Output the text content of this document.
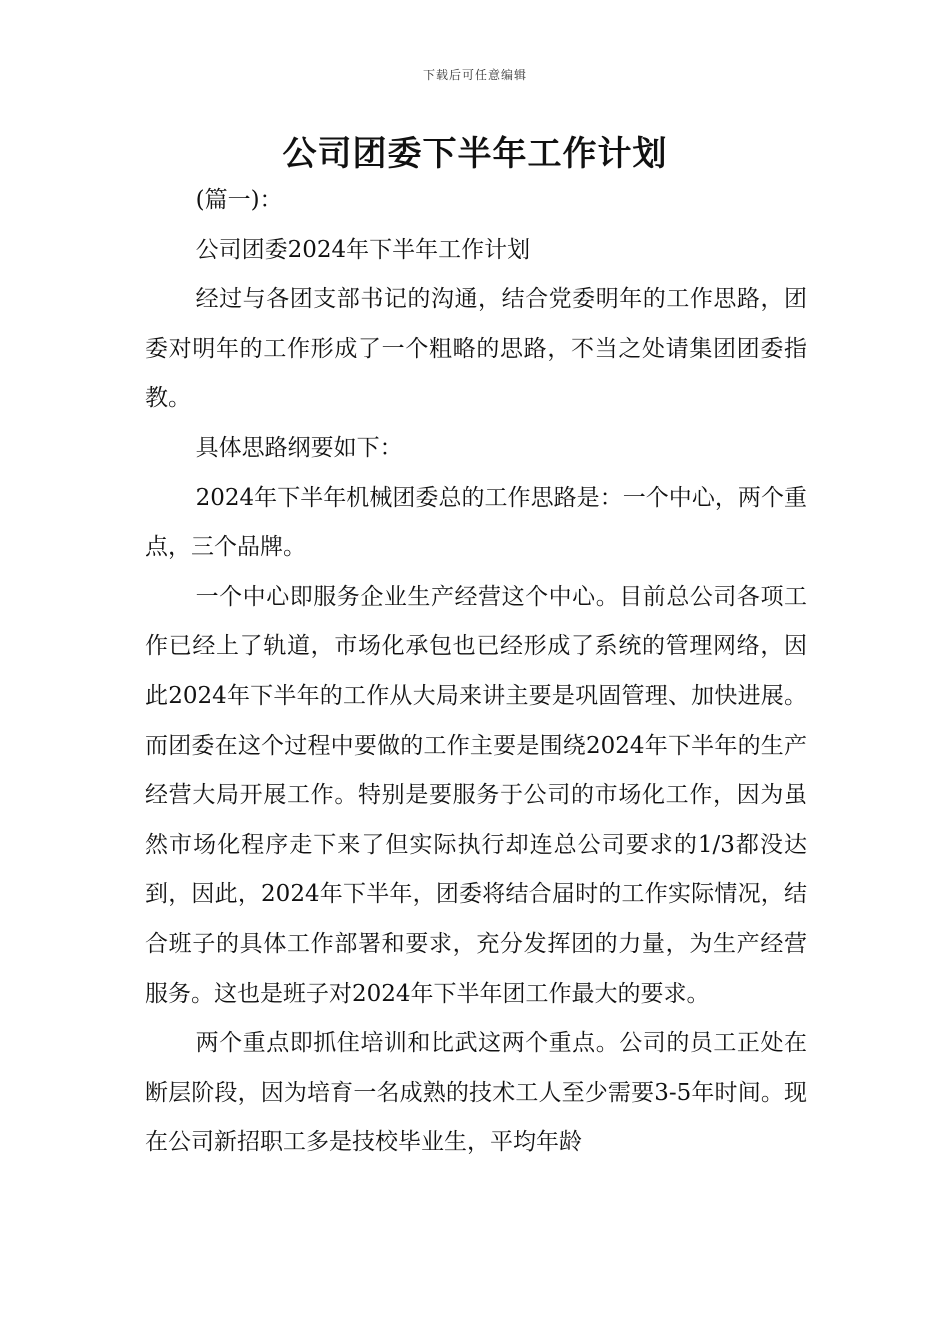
下载后可任意编辑
公司团委下半年工作计划

(篇一)：

公司团委2024年下半年工作计划

经过与各团支部书记的沟通，结合党委明年的工作思路，团委对明年的工作形成了一个粗略的思路，不当之处请集团团委指教。

具体思路纲要如下：

2024年下半年机械团委总的工作思路是：一个中心，两个重点，三个品牌。

一个中心即服务企业生产经营这个中心。目前总公司各项工作已经上了轨道，市场化承包也已经形成了系统的管理网络，因此2024年下半年的工作从大局来讲主要是巩固管理、加快进展。而团委在这个过程中要做的工作主要是围绕2024年下半年的生产经营大局开展工作。特别是要服务于公司的市场化工作，因为虽然市场化程序走下来了但实际执行却连总公司要求的1/3都没达到，因此，2024年下半年，团委将结合届时的工作实际情况，结合班子的具体工作部署和要求，充分发挥团的力量，为生产经营服务。这也是班子对2024年下半年团工作最大的要求。

两个重点即抓住培训和比武这两个重点。公司的员工正处在断层阶段，因为培育一名成熟的技术工人至少需要3-5年时间。现在公司新招职工多是技校毕业生，平均年龄
